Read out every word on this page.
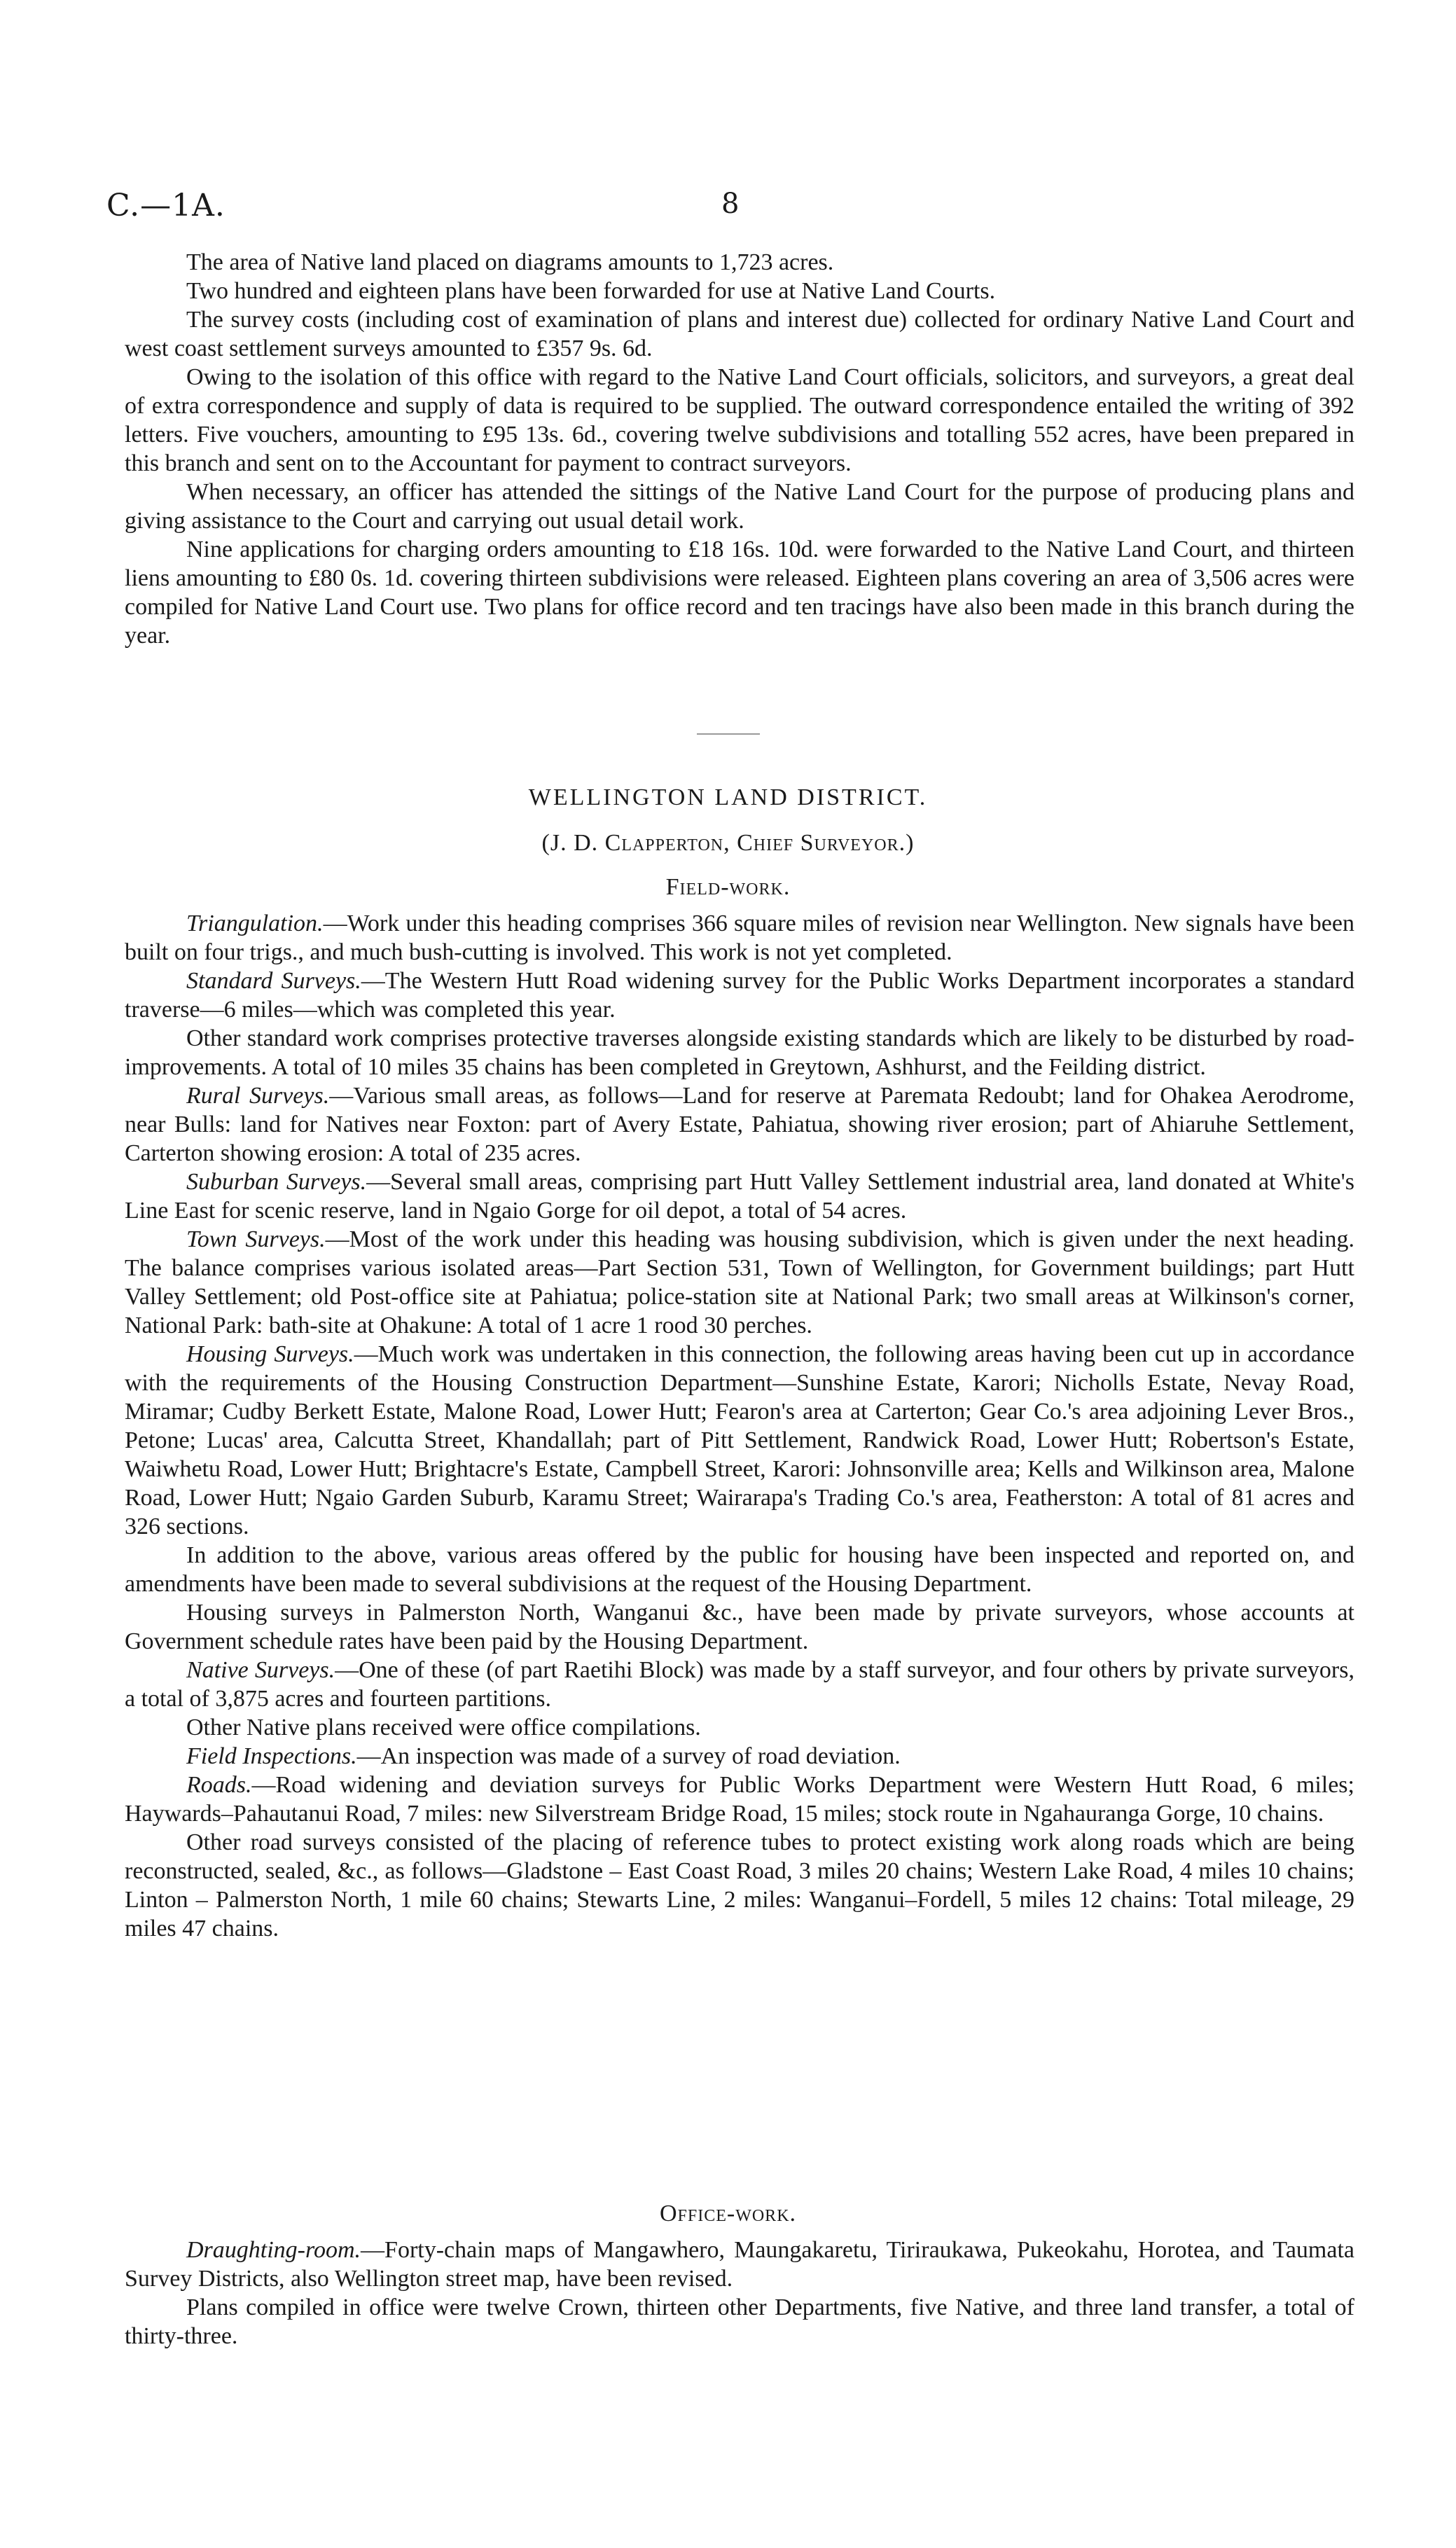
C.—1A.	8

The area of Native land placed on diagrams amounts to 1,723 acres.

Two hundred and eighteen plans have been forwarded for use at Native Land Courts.

The survey costs (including cost of examination of plans and interest due) collected for ordinary Native Land Court and west coast settlement surveys amounted to £357 9s. 6d.

Owing to the isolation of this office with regard to the Native Land Court officials, solicitors, and surveyors, a great deal of extra correspondence and supply of data is required to be supplied. The outward correspondence entailed the writing of 392 letters. Five vouchers, amounting to £95 13s. 6d., covering twelve subdivisions and totalling 552 acres, have been prepared in this branch and sent on to the Accountant for payment to contract surveyors.

When necessary, an officer has attended the sittings of the Native Land Court for the purpose of producing plans and giving assistance to the Court and carrying out usual detail work.

Nine applications for charging orders amounting to £18 16s. 10d. were forwarded to the Native Land Court, and thirteen liens amounting to £80 0s. 1d. covering thirteen subdivisions were released. Eighteen plans covering an area of 3,506 acres were compiled for Native Land Court use. Two plans for office record and ten tracings have also been made in this branch during the year.

WELLINGTON LAND DISTRICT.
(J. D. Clapperton, Chief Surveyor.)
Field-work.

Triangulation.—Work under this heading comprises 366 square miles of revision near Wellington. New signals have been built on four trigs., and much bush-cutting is involved. This work is not yet completed.

Standard Surveys.—The Western Hutt Road widening survey for the Public Works Department incorporates a standard traverse—6 miles—which was completed this year.

Other standard work comprises protective traverses alongside existing standards which are likely to be disturbed by road-improvements. A total of 10 miles 35 chains has been completed in Greytown, Ashhurst, and the Feilding district.

Rural Surveys.—Various small areas, as follows—Land for reserve at Paremata Redoubt; land for Ohakea Aerodrome, near Bulls: land for Natives near Foxton: part of Avery Estate, Pahiatua, showing river erosion; part of Ahiaruhe Settlement, Carterton showing erosion: A total of 235 acres.

Suburban Surveys.—Several small areas, comprising part Hutt Valley Settlement industrial area, land donated at White's Line East for scenic reserve, land in Ngaio Gorge for oil depot, a total of 54 acres.

Town Surveys.—Most of the work under this heading was housing subdivision, which is given under the next heading. The balance comprises various isolated areas—Part Section 531, Town of Wellington, for Government buildings; part Hutt Valley Settlement; old Post-office site at Pahiatua; police-station site at National Park; two small areas at Wilkinson's corner, National Park: bath-site at Ohakune: A total of 1 acre 1 rood 30 perches.

Housing Surveys.—Much work was undertaken in this connection, the following areas having been cut up in accordance with the requirements of the Housing Construction Department—Sunshine Estate, Karori; Nicholls Estate, Nevay Road, Miramar; Cudby Berkett Estate, Malone Road, Lower Hutt; Fearon's area at Carterton; Gear Co.'s area adjoining Lever Bros., Petone; Lucas' area, Calcutta Street, Khandallah; part of Pitt Settlement, Randwick Road, Lower Hutt; Robertson's Estate, Waiwhetu Road, Lower Hutt; Brightacre's Estate, Campbell Street, Karori: Johnsonville area; Kells and Wilkinson area, Malone Road, Lower Hutt; Ngaio Garden Suburb, Karamu Street; Wairarapa's Trading Co.'s area, Featherston: A total of 81 acres and 326 sections.

In addition to the above, various areas offered by the public for housing have been inspected and reported on, and amendments have been made to several subdivisions at the request of the Housing Department.

Housing surveys in Palmerston North, Wanganui &c., have been made by private surveyors, whose accounts at Government schedule rates have been paid by the Housing Department.

Native Surveys.—One of these (of part Raetihi Block) was made by a staff surveyor, and four others by private surveyors, a total of 3,875 acres and fourteen partitions.

Other Native plans received were office compilations.

Field Inspections.—An inspection was made of a survey of road deviation.

Roads.—Road widening and deviation surveys for Public Works Department were Western Hutt Road, 6 miles; Haywards–Pahautanui Road, 7 miles: new Silverstream Bridge Road, 15 miles; stock route in Ngahauranga Gorge, 10 chains.

Other road surveys consisted of the placing of reference tubes to protect existing work along roads which are being reconstructed, sealed, &c., as follows—Gladstone – East Coast Road, 3 miles 20 chains; Western Lake Road, 4 miles 10 chains; Linton – Palmerston North, 1 mile 60 chains; Stewarts Line, 2 miles: Wanganui–Fordell, 5 miles 12 chains: Total mileage, 29 miles 47 chains.

Office-work.

Draughting-room.—Forty-chain maps of Mangawhero, Maungakaretu, Tiriraukawa, Pukeokahu, Horotea, and Taumata Survey Districts, also Wellington street map, have been revised.

Plans compiled in office were twelve Crown, thirteen other Departments, five Native, and three land transfer, a total of thirty-three.
